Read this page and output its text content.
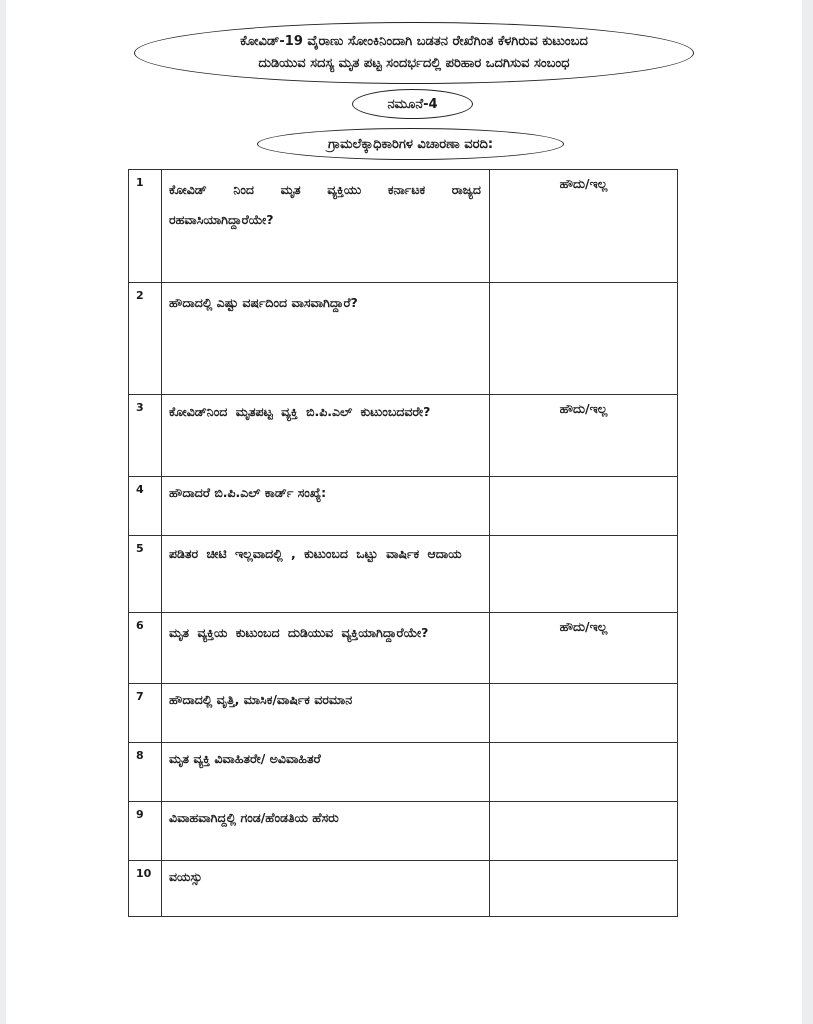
ಕೋವಿಡ್-19 ವೈರಾಣು ಸೋಂಕಿನಿಂದಾಗಿ ಬಡತನ ರೇಖೆಗಿಂತ ಕೆಳಗಿರುವ ಕುಟುಂಬದ
ದುಡಿಯುವ ಸದಸ್ಯ ಮೃತ ಪಟ್ಟ ಸಂದರ್ಭದಲ್ಲಿ ಪರಿಹಾರ ಒದಗಿಸುವ ಸಂಬಂಧ
ನಮೂನೆ-4
ಗ್ರಾಮಲೆಕ್ಕಾಧಿಕಾರಿಗಳ ವಿಚಾರಣಾ ವರದಿ:
1	ಕೋವಿಡ್ ನಿಂದ ಮೃತ ವ್ಯಕ್ತಿಯು ಕರ್ನಾಟಕ ರಾಜ್ಯದ ರಹವಾಸಿಯಾಗಿದ್ದಾರೆಯೇ?	ಹೌದು/ಇಲ್ಲ
2	ಹೌದಾದಲ್ಲಿ ಎಷ್ಟು ವರ್ಷದಿಂದ ವಾಸವಾಗಿದ್ದಾರೆ?	
3	ಕೋವಿಡ್‌ನಿಂದ ಮೃತಪಟ್ಟ ವ್ಯಕ್ತಿ ಬಿ.ಪಿ.ಎಲ್ ಕುಟುಂಬದವರೇ?	ಹೌದು/ಇಲ್ಲ
4	ಹೌದಾದರೆ ಬಿ.ಪಿ.ಎಲ್ ಕಾರ್ಡ್ ಸಂಖ್ಯೆ:	
5	ಪಡಿತರ ಚೀಟಿ ಇಲ್ಲವಾದಲ್ಲಿ , ಕುಟುಂಬದ ಒಟ್ಟು ವಾರ್ಷಿಕ ಆದಾಯ	
6	ಮೃತ ವ್ಯಕ್ತಿಯ ಕುಟುಂಬದ ದುಡಿಯುವ ವ್ಯಕ್ತಿಯಾಗಿದ್ದಾರೆಯೇ?	ಹೌದು/ಇಲ್ಲ
7	ಹೌದಾದಲ್ಲಿ ವೃತ್ತಿ, ಮಾಸಿಕ/ವಾರ್ಷಿಕ ವರಮಾನ	
8	ಮೃತ ವ್ಯಕ್ತಿ ವಿವಾಹಿತರೇ/ ಅವಿವಾಹಿತರೆ	
9	ವಿವಾಹವಾಗಿದ್ದಲ್ಲಿ ಗಂಡ/ಹೆಂಡತಿಯ ಹೆಸರು	
10	ವಯಸ್ಸು	
